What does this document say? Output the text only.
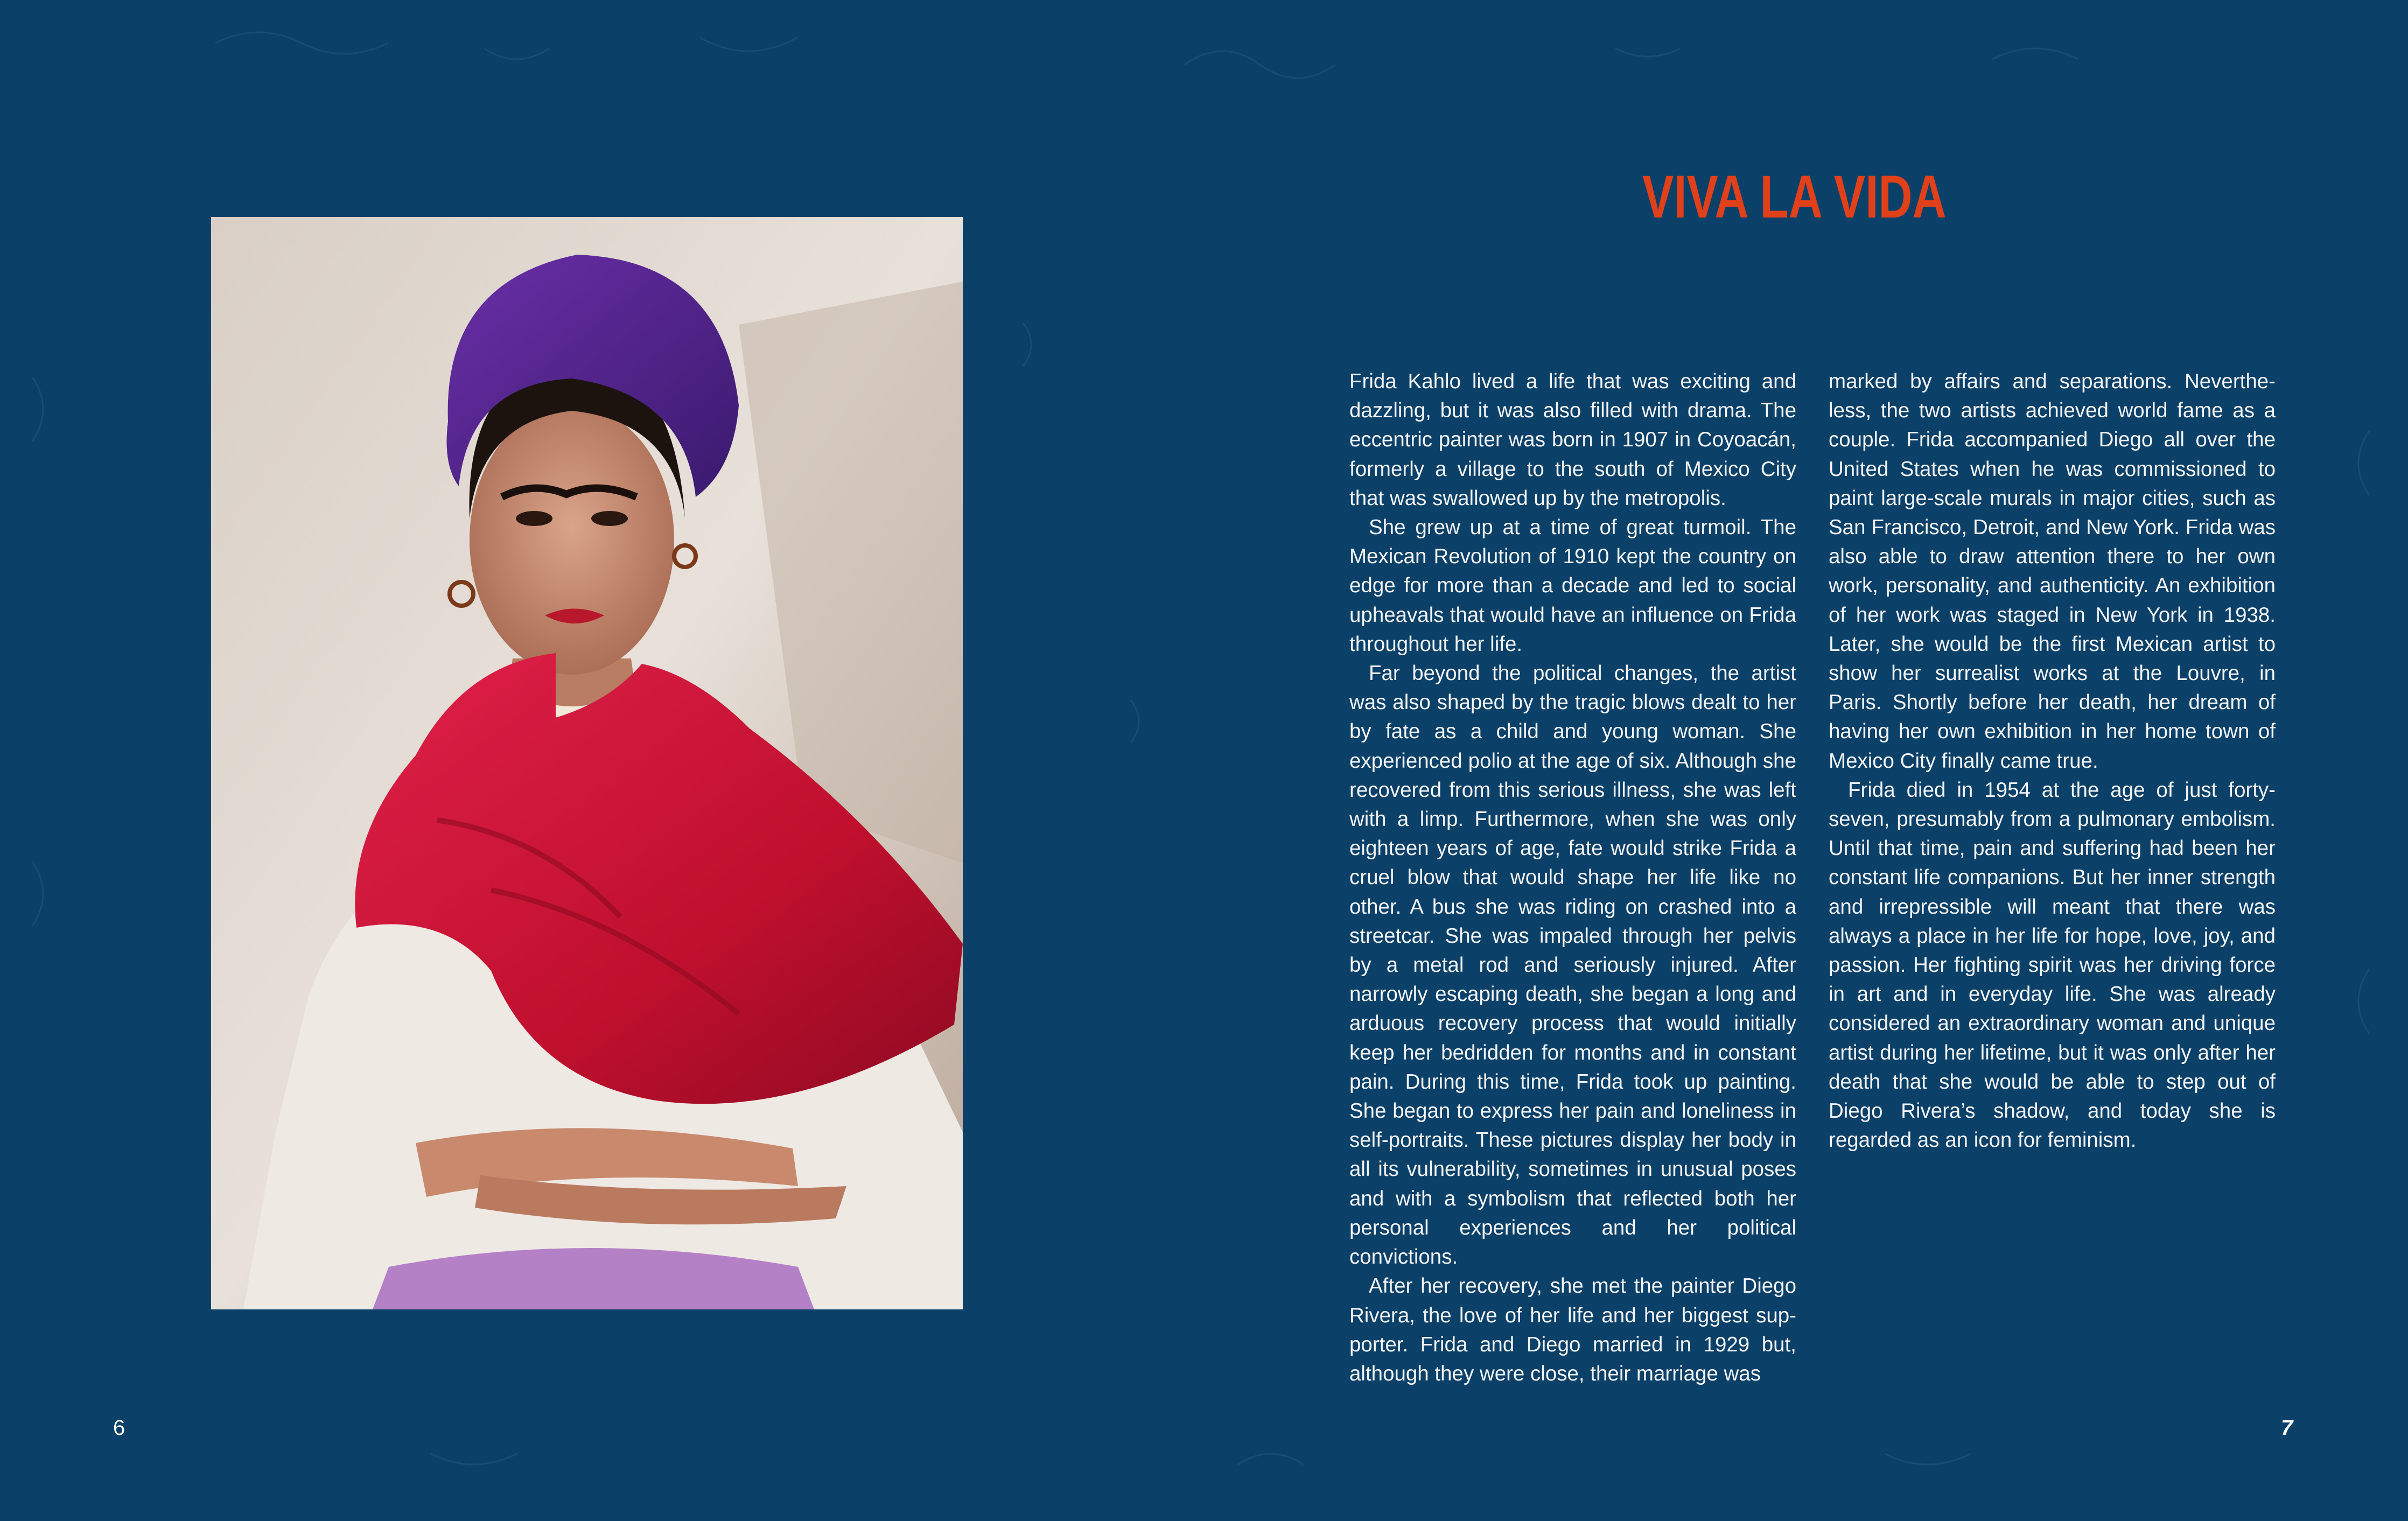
VIVA LA VIDA

Frida Kahlo lived a life that was exciting and dazzling, but it was also filled with drama. The eccentric painter was born in 1907 in Coyoacán, formerly a village to the south of Mexico City that was swallowed up by the metropolis.

She grew up at a time of great turmoil. The Mexican Revolution of 1910 kept the country on edge for more than a decade and led to social upheavals that would have an influence on Frida throughout her life.

Far beyond the political changes, the artist was also shaped by the tragic blows dealt to her by fate as a child and young woman. She experienced polio at the age of six. Although she recovered from this serious illness, she was left with a limp. Furthermore, when she was only eighteen years of age, fate would strike Frida a cruel blow that would shape her life like no other. A bus she was riding on crashed into a streetcar. She was impaled through her pelvis by a metal rod and seriously injured. After narrowly escaping death, she began a long and arduous recovery process that would initially keep her bedridden for months and in constant pain. During this time, Frida took up painting. She began to express her pain and loneliness in self-portraits. These pictures display her body in all its vulnerability, sometimes in unusual poses and with a symbolism that reflected both her personal experiences and her political convictions.

After her recovery, she met the painter Diego Rivera, the love of her life and her biggest supporter. Frida and Diego married in 1929 but, although they were close, their marriage was

marked by affairs and separations. Nevertheless, the two artists achieved world fame as a couple. Frida accompanied Diego all over the United States when he was commissioned to paint large-scale murals in major cities, such as San Francisco, Detroit, and New York. Frida was also able to draw attention there to her own work, personality, and authenticity. An exhibition of her work was staged in New York in 1938. Later, she would be the first Mexican artist to show her surrealist works at the Louvre, in Paris. Shortly before her death, her dream of having her own exhibition in her home town of Mexico City finally came true.

Frida died in 1954 at the age of just forty-seven, presumably from a pulmonary embolism. Until that time, pain and suffering had been her constant life companions. But her inner strength and irrepressible will meant that there was always a place in her life for hope, love, joy, and passion. Her fighting spirit was her driving force in art and in everyday life. She was already considered an extraordinary woman and unique artist during her lifetime, but it was only after her death that she would be able to step out of Diego Rivera’s shadow, and today she is regarded as an icon for feminism.

6	7
